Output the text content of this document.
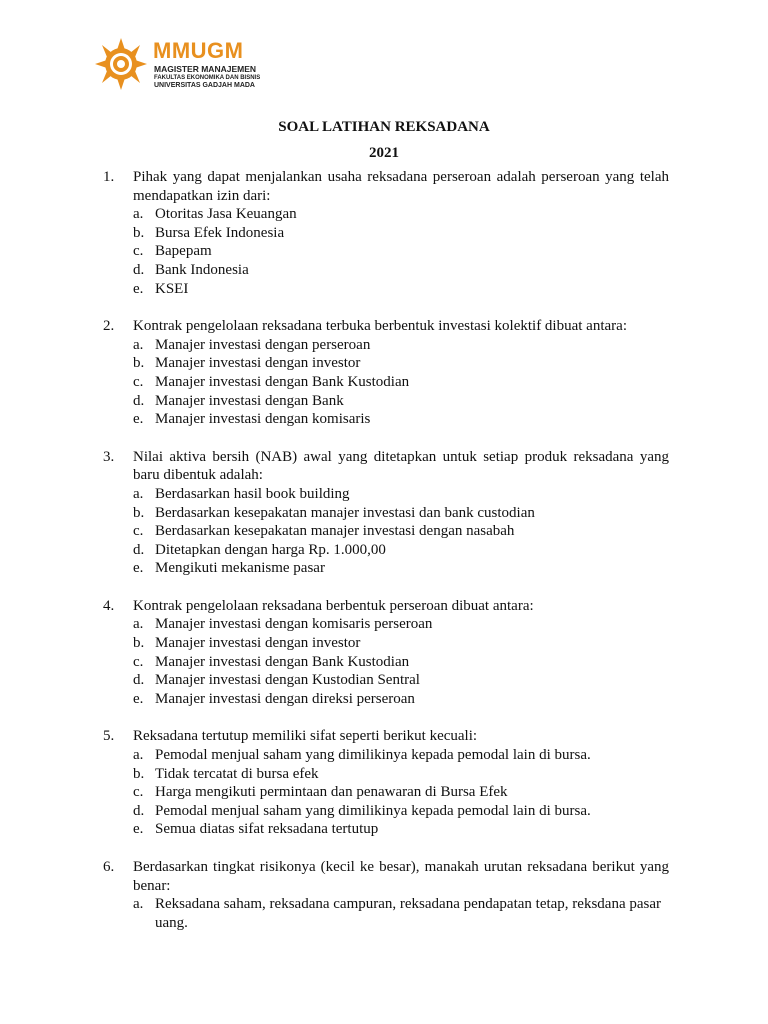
MMUGM
MAGISTER MANAJEMEN
FAKULTAS EKONOMIKA DAN BISNIS
UNIVERSITAS GADJAH MADA
SOAL LATIHAN REKSADANA
2021
1. Pihak yang dapat menjalankan usaha reksadana perseroan adalah perseroan yang telah mendapatkan izin dari:
a. Otoritas Jasa Keuangan
b. Bursa Efek Indonesia
c. Bapepam
d. Bank Indonesia
e. KSEI
2. Kontrak pengelolaan reksadana terbuka berbentuk investasi kolektif dibuat antara:
a. Manajer investasi dengan perseroan
b. Manajer investasi dengan investor
c. Manajer investasi dengan Bank Kustodian
d. Manajer investasi dengan Bank
e. Manajer investasi dengan komisaris
3. Nilai aktiva bersih (NAB) awal yang ditetapkan untuk setiap produk reksadana yang baru dibentuk adalah:
a. Berdasarkan hasil book building
b. Berdasarkan kesepakatan manajer investasi dan bank custodian
c. Berdasarkan kesepakatan manajer investasi dengan nasabah
d. Ditetapkan dengan harga Rp. 1.000,00
e. Mengikuti mekanisme pasar
4. Kontrak pengelolaan reksadana berbentuk perseroan dibuat antara:
a. Manajer investasi dengan komisaris perseroan
b. Manajer investasi dengan investor
c. Manajer investasi dengan Bank Kustodian
d. Manajer investasi dengan Kustodian Sentral
e. Manajer investasi dengan direksi perseroan
5. Reksadana tertutup memiliki sifat seperti berikut kecuali:
a. Pemodal menjual saham yang dimilikinya kepada pemodal lain di bursa.
b. Tidak tercatat di bursa efek
c. Harga mengikuti permintaan dan penawaran di Bursa Efek
d. Pemodal menjual saham yang dimilikinya kepada pemodal lain di bursa.
e. Semua diatas sifat reksadana tertutup
6. Berdasarkan tingkat risikonya (kecil ke besar), manakah urutan reksadana berikut yang benar:
a. Reksadana saham, reksadana campuran, reksadana pendapatan tetap, reksdana pasar uang.
